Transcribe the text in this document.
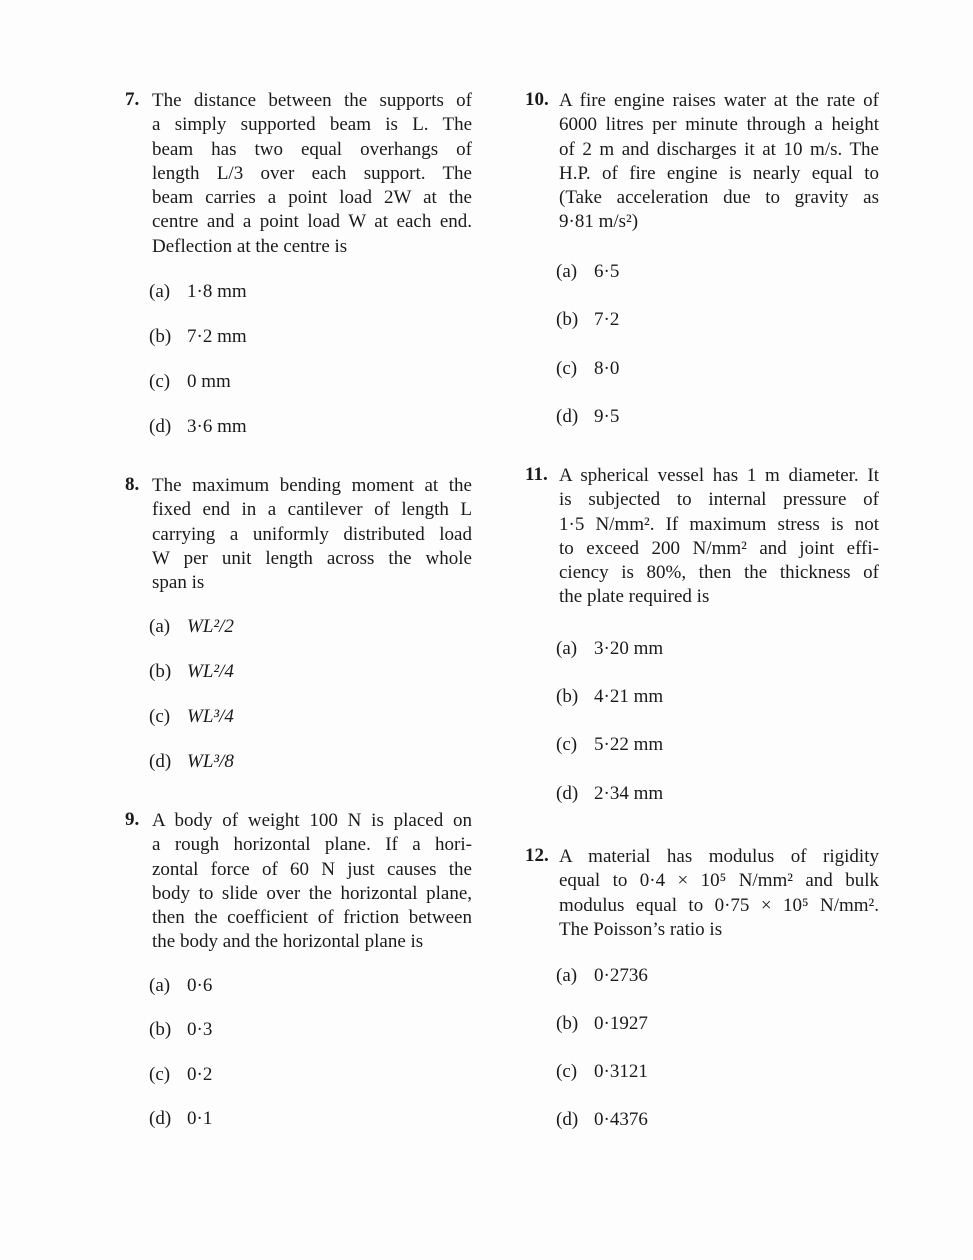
7. The distance between the supports of
a simply supported beam is L. The
beam has two equal overhangs of
length L/3 over each support. The
beam carries a point load 2W at the
centre and a point load W at each end.
Deflection at the centre is
(a) 1·8 mm
(b) 7·2 mm
(c) 0 mm
(d) 3·6 mm
8. The maximum bending moment at the
fixed end in a cantilever of length L
carrying a uniformly distributed load
W per unit length across the whole
span is
(a) WL²/2
(b) WL²/4
(c) WL³/4
(d) WL³/8
9. A body of weight 100 N is placed on
a rough horizontal plane. If a hori-
zontal force of 60 N just causes the
body to slide over the horizontal plane,
then the coefficient of friction between
the body and the horizontal plane is
(a) 0·6
(b) 0·3
(c) 0·2
(d) 0·1
10. A fire engine raises water at the rate of
6000 litres per minute through a height
of 2 m and discharges it at 10 m/s. The
H.P. of fire engine is nearly equal to
(Take acceleration due to gravity as
9·81 m/s²)
(a) 6·5
(b) 7·2
(c) 8·0
(d) 9·5
11. A spherical vessel has 1 m diameter. It
is subjected to internal pressure of
1·5 N/mm². If maximum stress is not
to exceed 200 N/mm² and joint effi-
ciency is 80%, then the thickness of
the plate required is
(a) 3·20 mm
(b) 4·21 mm
(c) 5·22 mm
(d) 2·34 mm
12. A material has modulus of rigidity
equal to 0·4 × 10⁵ N/mm² and bulk
modulus equal to 0·75 × 10⁵ N/mm².
The Poisson’s ratio is
(a) 0·2736
(b) 0·1927
(c) 0·3121
(d) 0·4376
